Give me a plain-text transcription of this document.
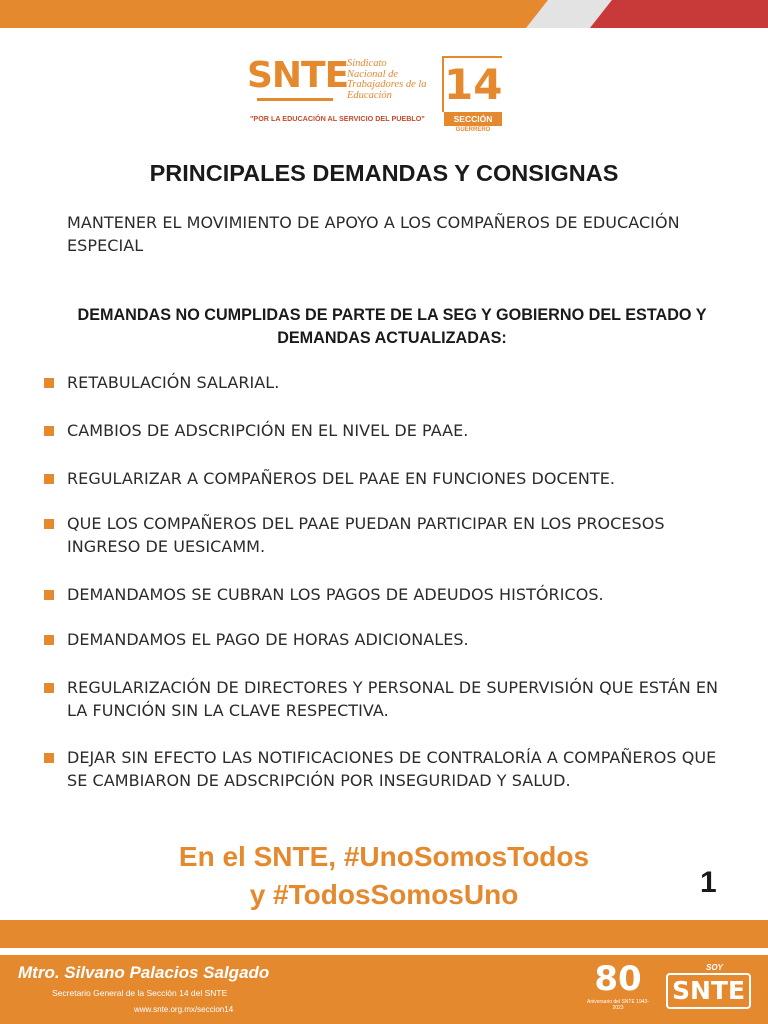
SNTE
Sindicato
Nacional de
Trabajadores de la
Educación	14
SECCIÓN
GUERRERO
"POR LA EDUCACIÓN AL SERVICIO DEL PUEBLO"
PRINCIPALES DEMANDAS Y CONSIGNAS
MANTENER EL MOVIMIENTO DE APOYO A LOS COMPAÑEROS DE EDUCACIÓN ESPECIAL
DEMANDAS NO CUMPLIDAS DE PARTE DE LA SEG Y GOBIERNO DEL ESTADO Y DEMANDAS ACTUALIZADAS:
RETABULACIÓN SALARIAL.
CAMBIOS DE ADSCRIPCIÓN EN EL NIVEL DE PAAE.
REGULARIZAR A COMPAÑEROS DEL PAAE EN FUNCIONES DOCENTE.
QUE LOS COMPAÑEROS DEL PAAE PUEDAN PARTICIPAR EN LOS PROCESOS INGRESO DE UESICAMM.
DEMANDAMOS SE CUBRAN LOS PAGOS DE ADEUDOS HISTÓRICOS.
DEMANDAMOS EL PAGO DE HORAS ADICIONALES.
REGULARIZACIÓN DE DIRECTORES Y PERSONAL DE SUPERVISIÓN QUE ESTÁN EN LA FUNCIÓN SIN LA CLAVE RESPECTIVA.
DEJAR SIN EFECTO LAS NOTIFICACIONES DE CONTRALORÍA A COMPAÑEROS QUE SE CAMBIARON DE ADSCRIPCIÓN POR INSEGURIDAD Y SALUD.
En el SNTE, #UnoSomosTodos
y #TodosSomosUno	1
Mtro. Silvano Palacios Salgado
Secretario General de la Sección 14 del SNTE
www.snte.org.mx/seccion14
80
Aniversario del SNTE 1943-2023
SOY
SNTE
